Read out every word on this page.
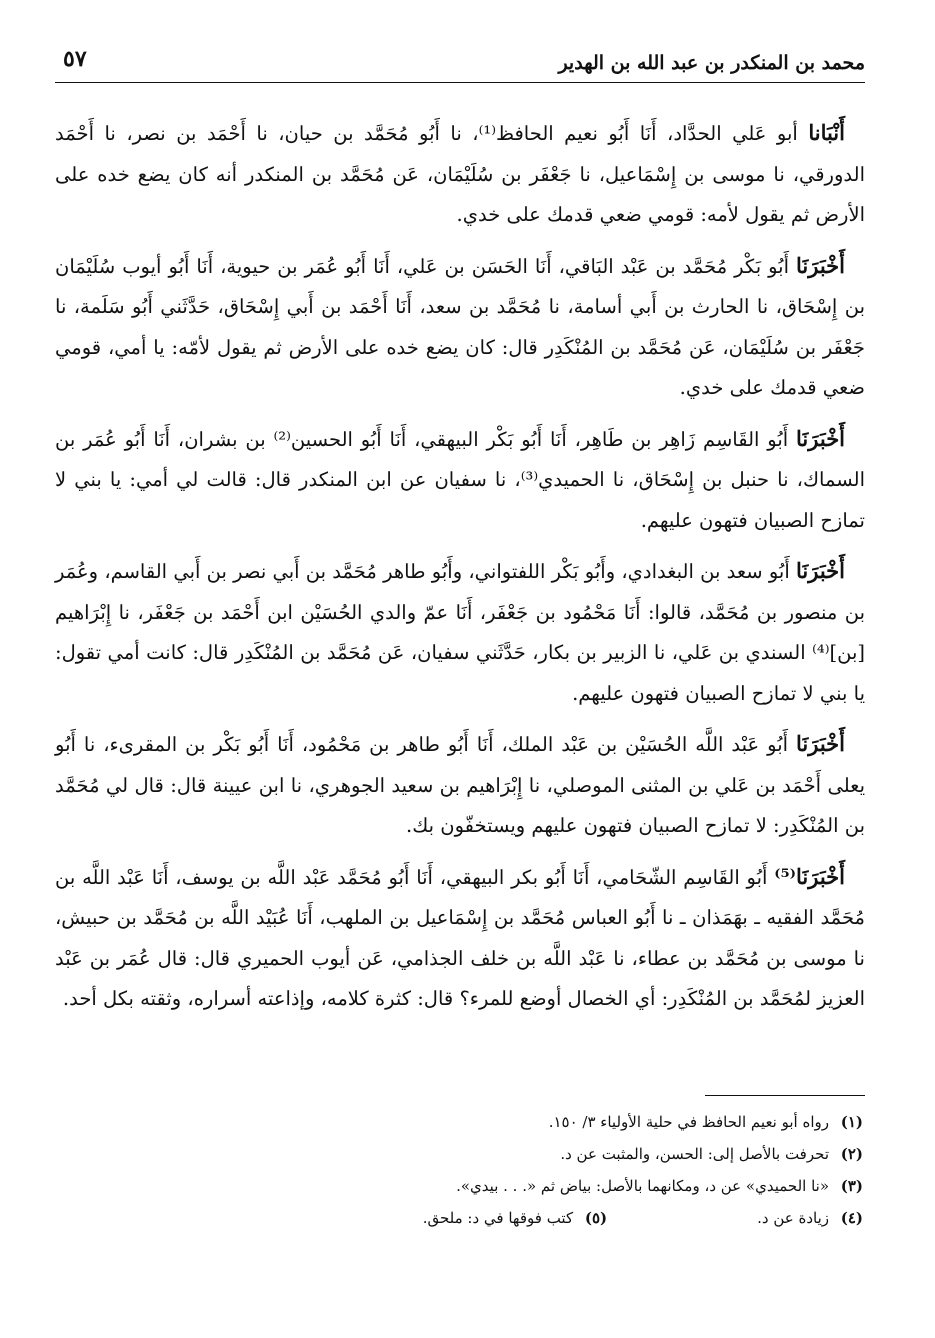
محمد بن المنكدر بن عبد الله بن الهدير
٥٧

أَنْبَانا أبو عَلي الحدَّاد، أَنَا أَبُو نعيم الحافظ⁽¹⁾، نا أَبُو مُحَمَّد بن حيان، نا أَحْمَد بن نصر، نا أَحْمَد الدورقي، نا موسى بن إِسْمَاعيل، نا جَعْفَر بن سُلَيْمَان، عَن مُحَمَّد بن المنكدر أنه كان يضع خده على الأرض ثم يقول لأمه: قومي ضعي قدمك على خدي.

أَخْبَرَنَا أَبُو بَكْر مُحَمَّد بن عَبْد البَاقي، أَنَا الحَسَن بن عَلي، أَنَا أَبُو عُمَر بن حيوية، أَنَا أَبُو أيوب سُلَيْمَان بن إِسْحَاق، نا الحارث بن أَبي أسامة، نا مُحَمَّد بن سعد، أَنَا أَحْمَد بن أَبي إِسْحَاق، حَدَّثَني أَبُو سَلَمة، نا جَعْفَر بن سُلَيْمَان، عَن مُحَمَّد بن المُنْكَدِر قال: كان يضع خده على الأرض ثم يقول لأمّه: يا أمي، قومي ضعي قدمك على خدي.

أَخْبَرَنَا أَبُو القَاسِم زَاهِر بن طَاهِر، أَنَا أَبُو بَكْر البيهقي، أَنَا أَبُو الحسين⁽²⁾ بن بشران، أَنَا أَبُو عُمَر بن السماك، نا حنبل بن إِسْحَاق، نا الحميدي⁽³⁾، نا سفيان عن ابن المنكدر قال: قالت لي أمي: يا بني لا تمازح الصبيان فتهون عليهم.

أَخْبَرَنَا أَبُو سعد بن البغدادي، وأَبُو بَكْر اللفتواني، وأَبُو طاهر مُحَمَّد بن أَبي نصر بن أَبي القاسم، وعُمَر بن منصور بن مُحَمَّد، قالوا: أَنَا مَحْمُود بن جَعْفَر، أَنَا عمّ والدي الحُسَيْن ابن أَحْمَد بن جَعْفَر، نا إِبْرَاهيم [بن]⁽⁴⁾ السندي بن عَلي، نا الزبير بن بكار، حَدَّثَني سفيان، عَن مُحَمَّد بن المُنْكَدِر قال: كانت أمي تقول: يا بني لا تمازح الصبيان فتهون عليهم.

أَخْبَرَنَا أَبُو عَبْد اللَّه الحُسَيْن بن عَبْد الملك، أَنَا أَبُو طاهر بن مَحْمُود، أَنَا أَبُو بَكْر بن المقرىء، نا أَبُو يعلى أَحْمَد بن عَلي بن المثنى الموصلي، نا إِبْرَاهيم بن سعيد الجوهري، نا ابن عيينة قال: قال لي مُحَمَّد بن المُنْكَدِر: لا تمازح الصبيان فتهون عليهم ويستخفّون بك.

أَخْبَرَنَا⁽⁵⁾ أَبُو القَاسِم الشّحَامي، أَنَا أَبُو بكر البيهقي، أَنَا أَبُو مُحَمَّد عَبْد اللَّه بن يوسف، أَنَا عَبْد اللَّه بن مُحَمَّد الفقيه ـ بهَمَذان ـ نا أَبُو العباس مُحَمَّد بن إِسْمَاعيل بن الملهب، أَنَا عُبَيْد اللَّه بن مُحَمَّد بن حبيش، نا موسى بن مُحَمَّد بن عطاء، نا عَبْد اللَّه بن خلف الجذامي، عَن أيوب الحميري قال: قال عُمَر بن عَبْد العزيز لمُحَمَّد بن المُنْكَدِر: أي الخصال أوضع للمرء؟ قال: كثرة كلامه، وإذاعته أسراره، وثقته بكل أحد.

(١)رواه أبو نعيم الحافظ في حلية الأولياء ٣/ ١٥٠.
(٢)تحرفت بالأصل إلى: الحسن، والمثبت عن د.
(٣)«نا الحميدي» عن د، ومكانهما بالأصل: بياض ثم «. . . بيدي».
(٤)زيادة عن د.
(٥)كتب فوقها في د: ملحق.
